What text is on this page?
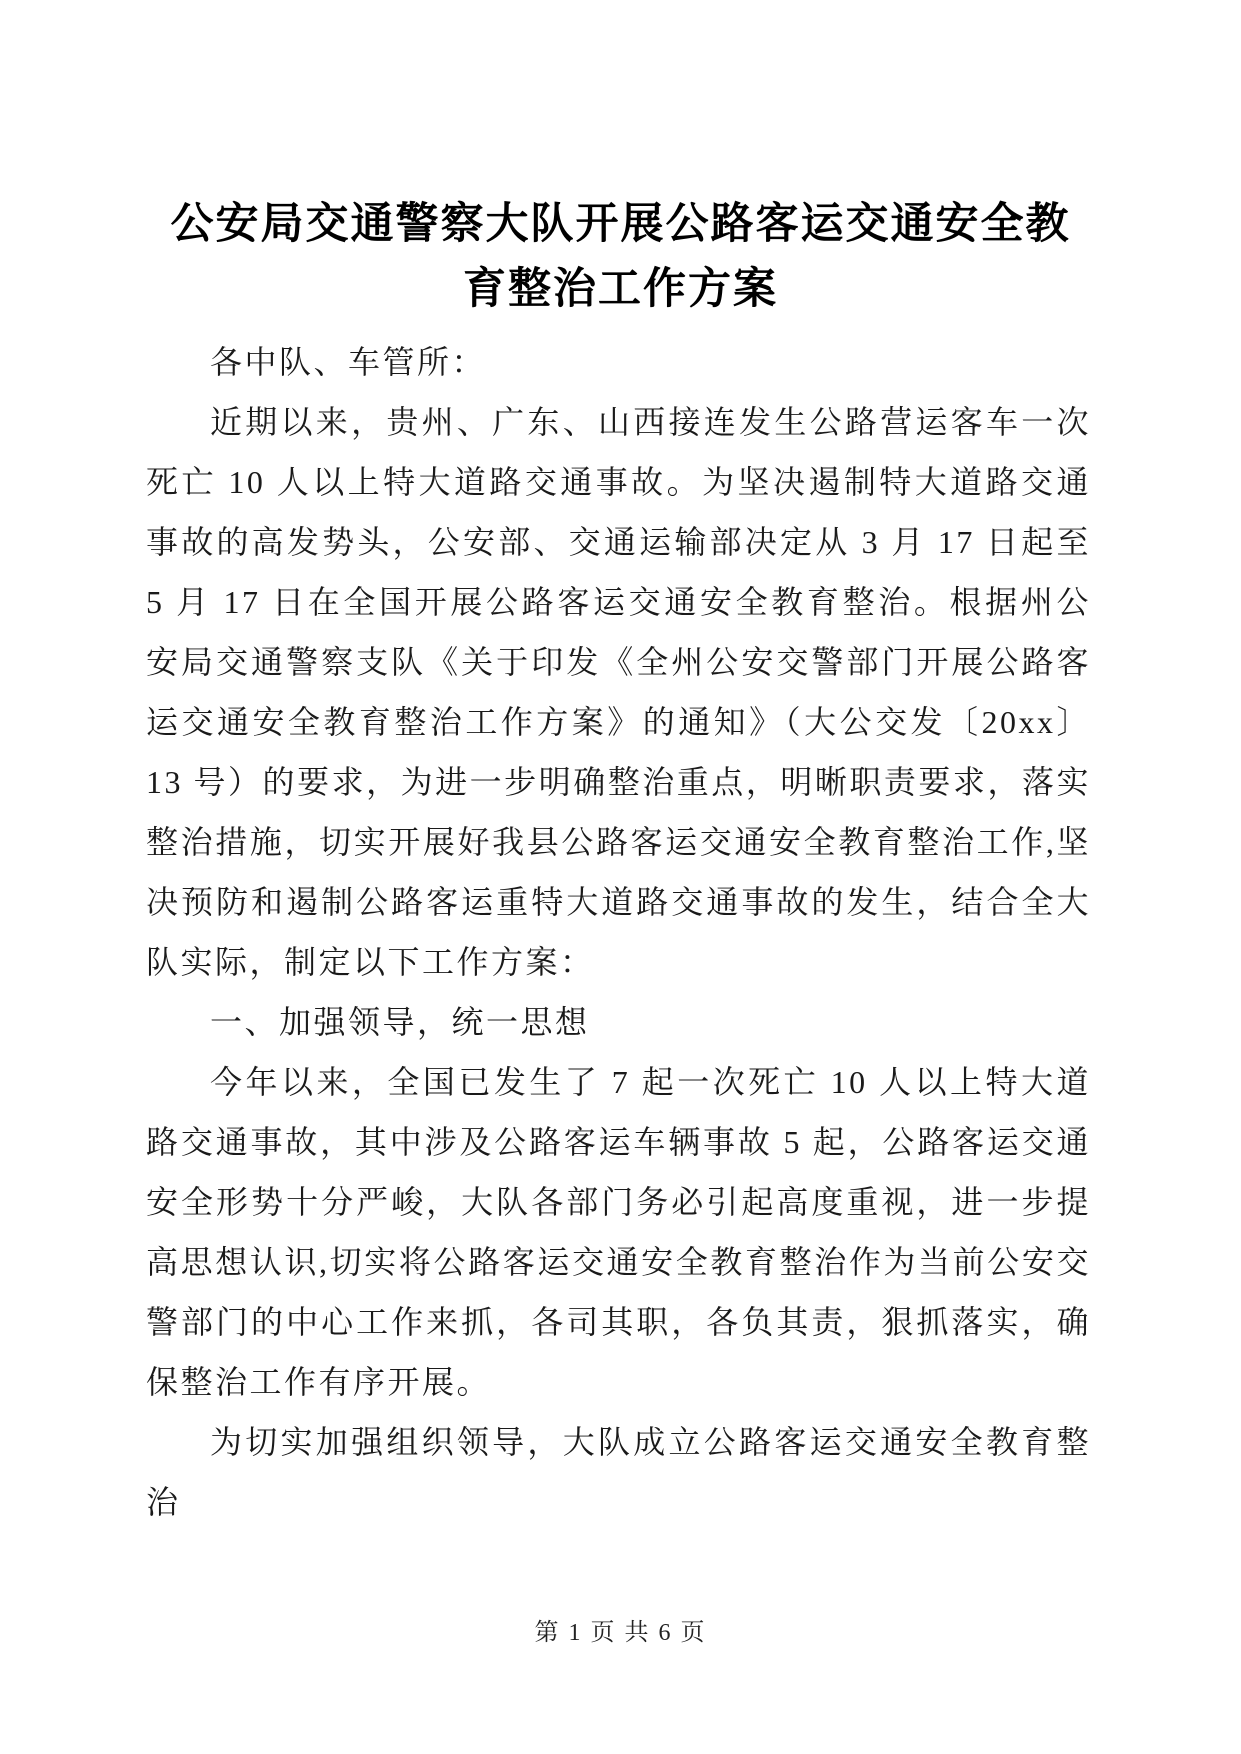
公安局交通警察大队开展公路客运交通安全教
育整治工作方案

各中队、车管所：

近期以来，贵州、广东、山西接连发生公路营运客车一次死亡 10 人以上特大道路交通事故。为坚决遏制特大道路交通事故的高发势头，公安部、交通运输部决定从 3 月 17 日起至 5 月 17 日在全国开展公路客运交通安全教育整治。根据州公安局交通警察支队《关于印发《全州公安交警部门开展公路客运交通安全教育整治工作方案》的通知》（大公交发〔20xx〕13 号）的要求，为进一步明确整治重点，明晰职责要求，落实整治措施，切实开展好我县公路客运交通安全教育整治工作,坚决预防和遏制公路客运重特大道路交通事故的发生，结合全大队实际，制定以下工作方案：

一、加强领导，统一思想

今年以来，全国已发生了 7 起一次死亡 10 人以上特大道路交通事故，其中涉及公路客运车辆事故 5 起，公路客运交通安全形势十分严峻，大队各部门务必引起高度重视，进一步提高思想认识,切实将公路客运交通安全教育整治作为当前公安交警部门的中心工作来抓，各司其职，各负其责，狠抓落实，确保整治工作有序开展。

为切实加强组织领导，大队成立公路客运交通安全教育整治

第 1 页 共 6 页
